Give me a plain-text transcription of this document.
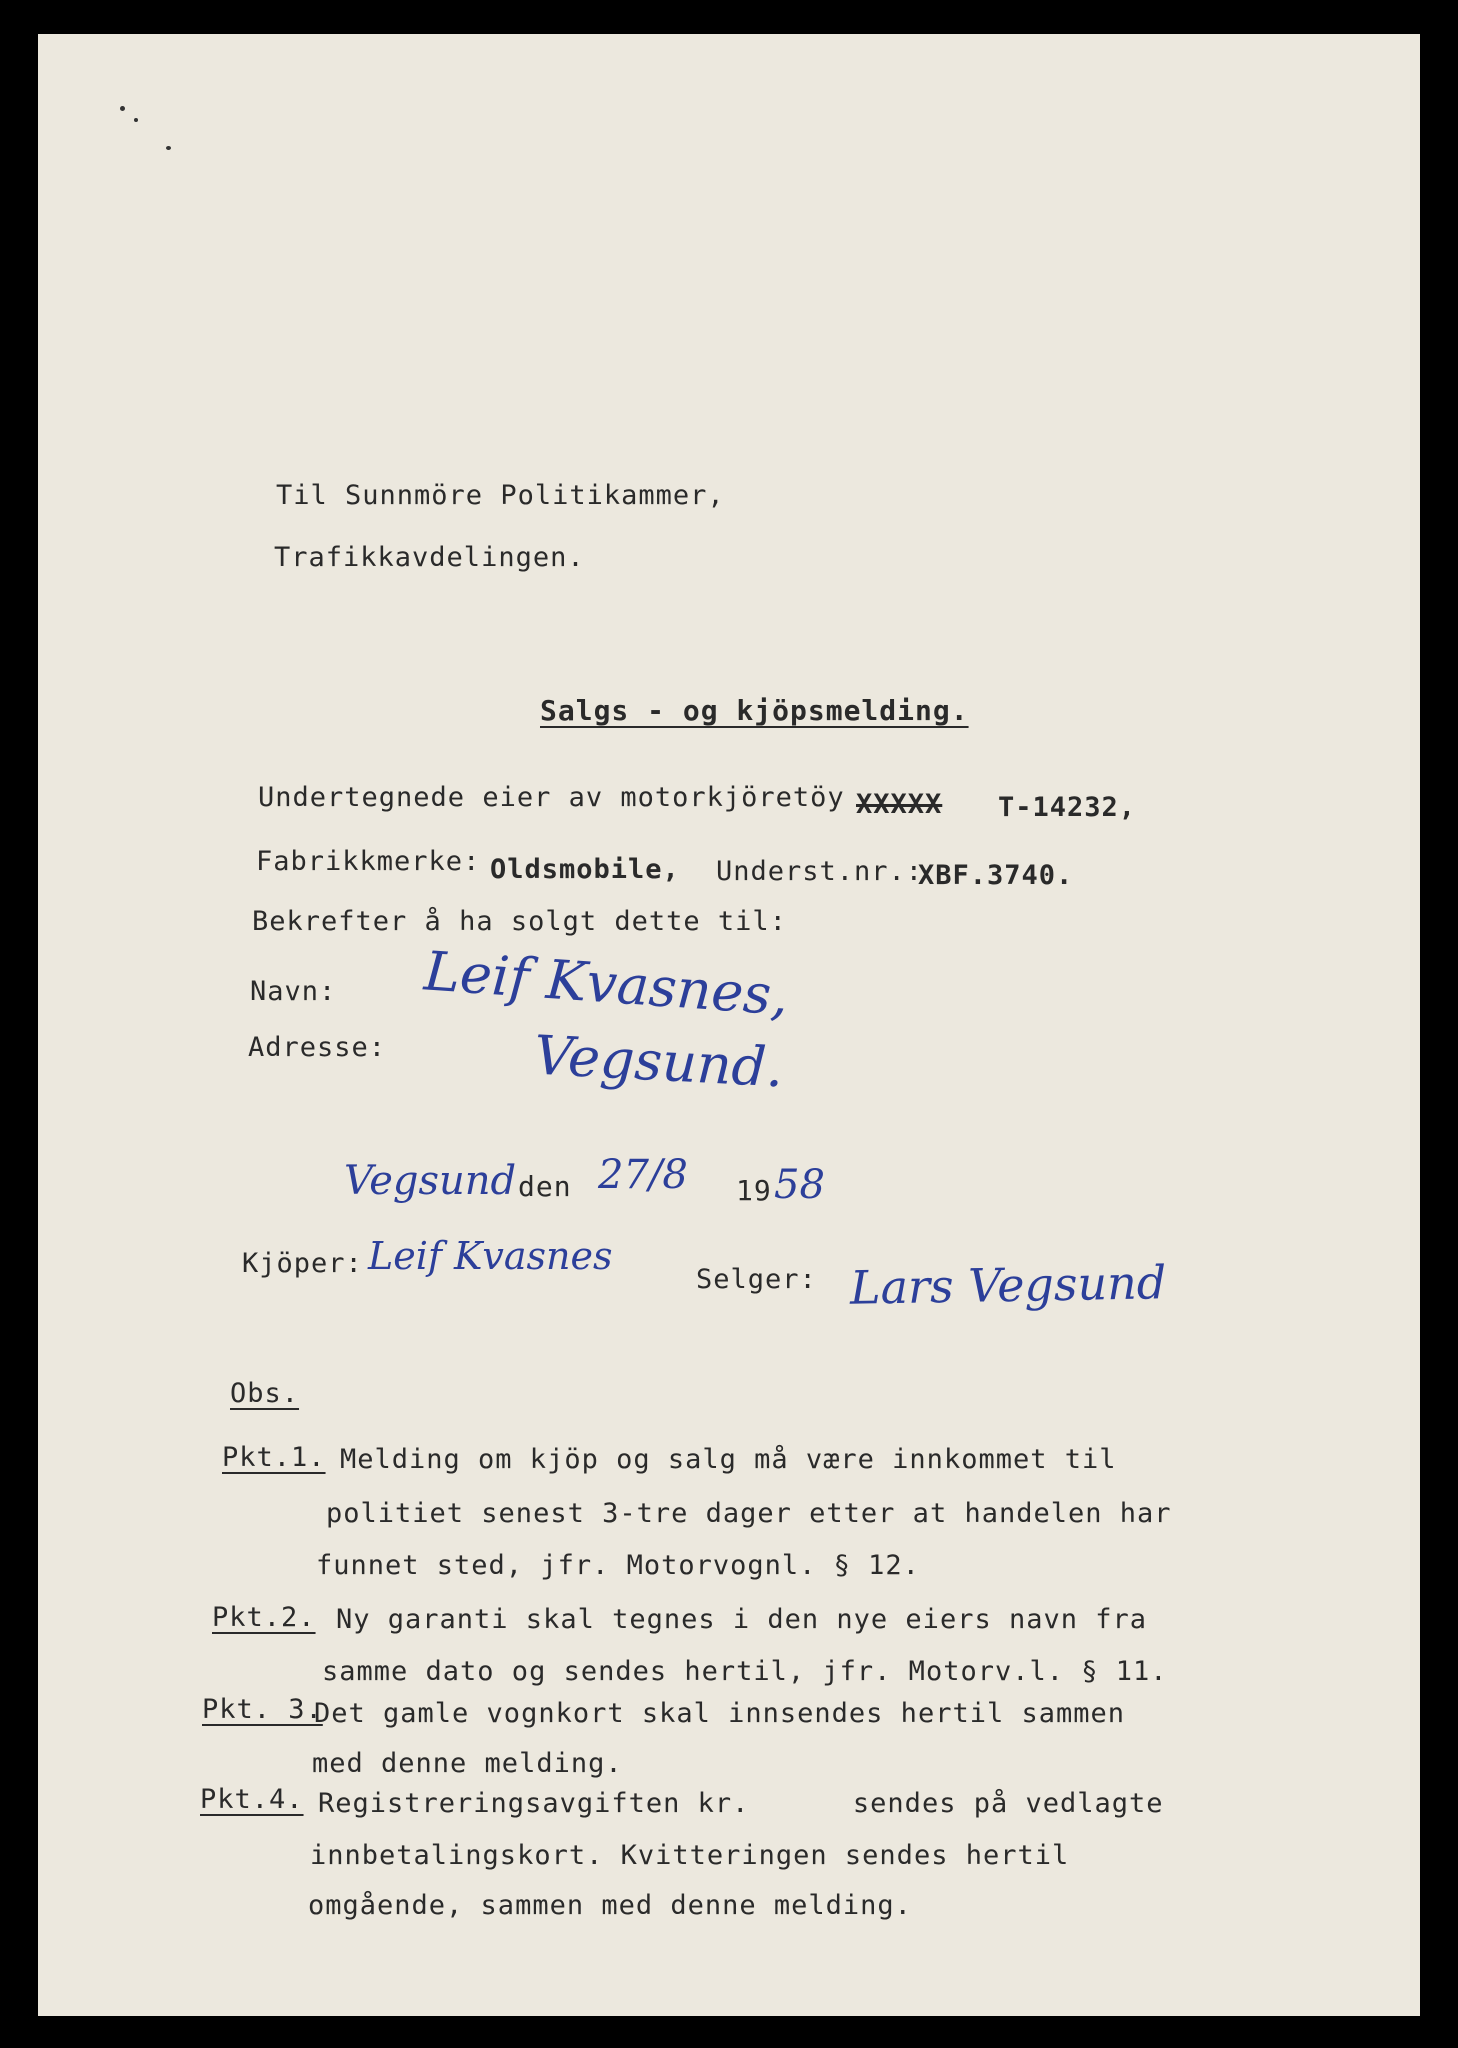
Til Sunnmöre Politikammer,
Trafikkavdelingen.
Salgs - og kjöpsmelding.
Undertegnede eier av motorkjöretöy XXXXX T-14232,
Fabrikkmerke: Oldsmobile, Underst.nr.:
XBF.3740.
Bekrefter å ha solgt dette til:
Navn: Leif Kvasnes,
Adresse:	Vegsund.
Vegsund den 27/8 19 58
Kjöper: Leif Kvasnes
Selger: Lars Vegsund
Obs.
Pkt.1. Melding om kjöp og salg må være innkommet til
politiet senest 3-tre dager etter at handelen har
funnet sted, jfr. Motorvognl. § 12.
Pkt.2. Ny garanti skal tegnes i den nye eiers navn fra
samme dato og sendes hertil, jfr. Motorv.l. § 11.
Pkt. 3.
Det gamle vognkort skal innsendes hertil sammen
med denne melding.
Pkt.4. Registreringsavgiften kr.      sendes på vedlagte
innbetalingskort. Kvitteringen sendes hertil
omgående, sammen med denne melding.
